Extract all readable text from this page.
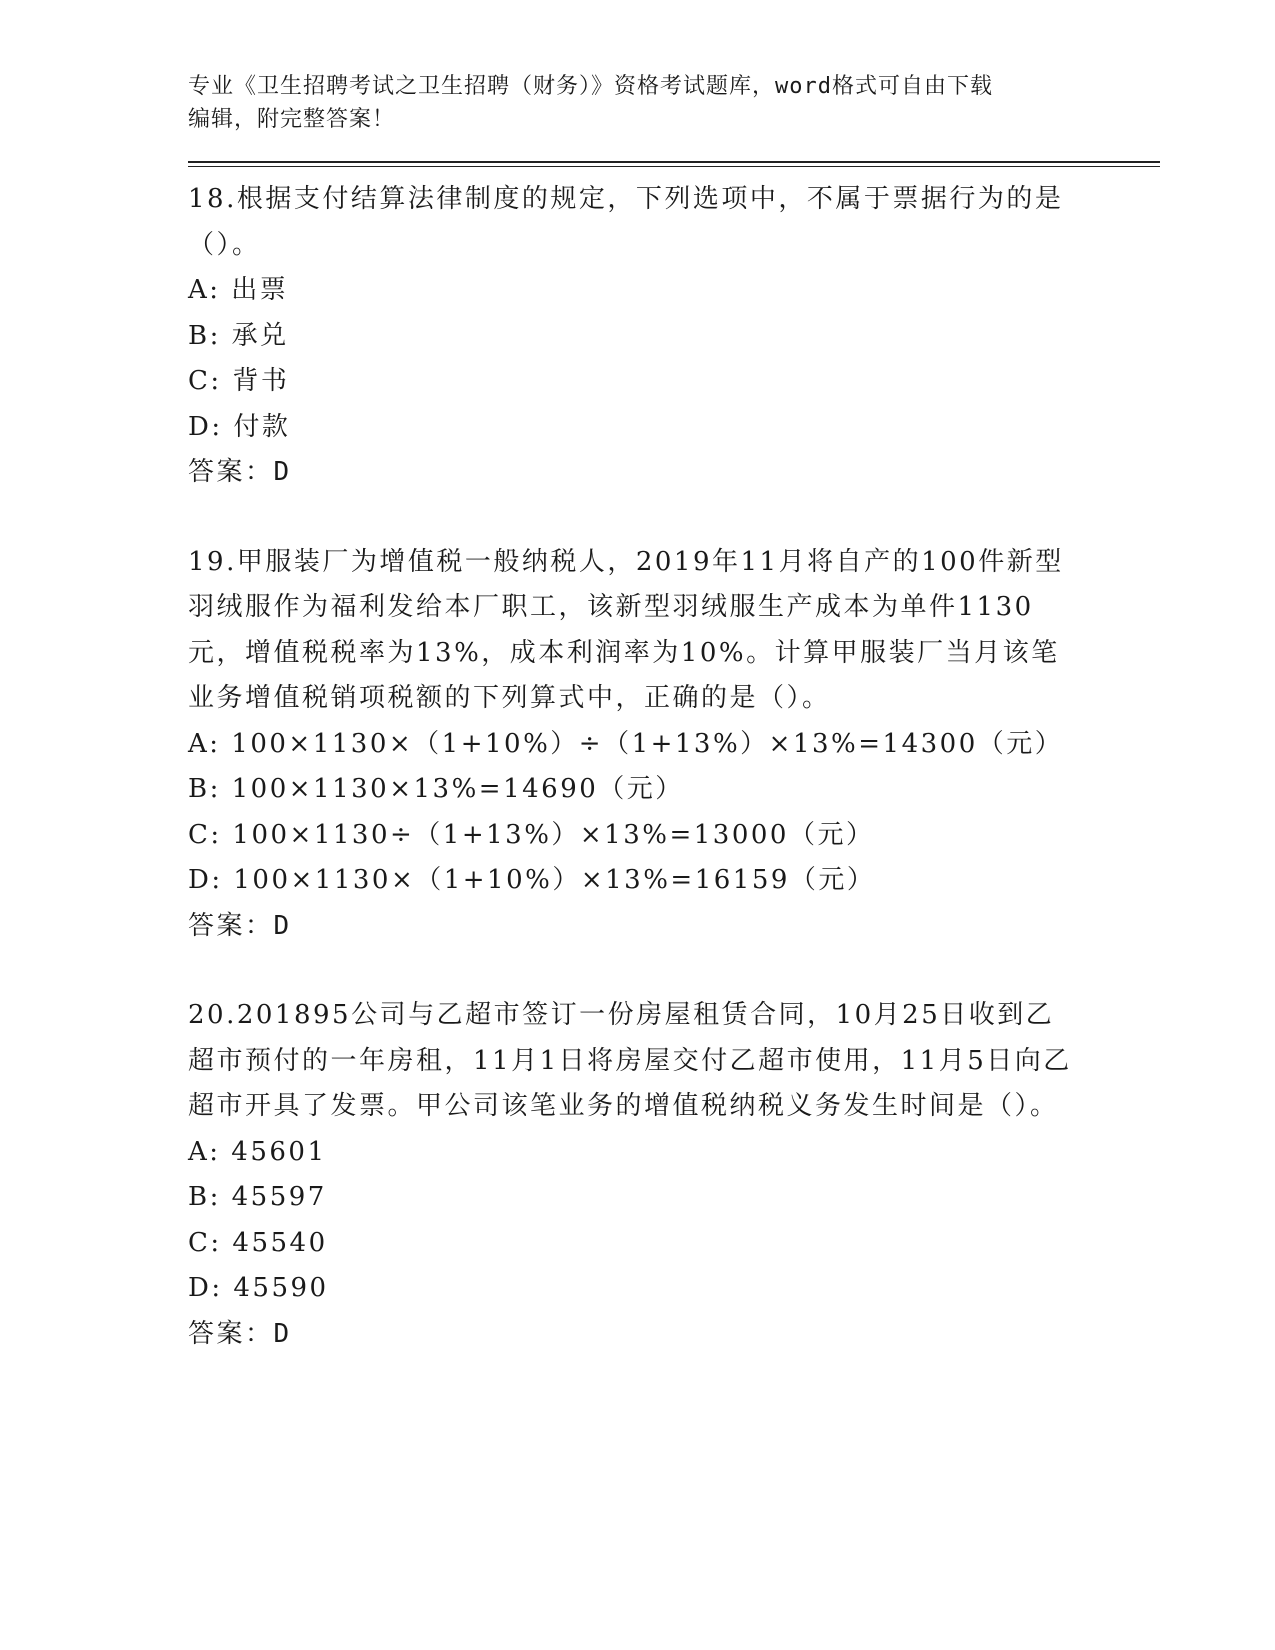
专业《卫生招聘考试之卫生招聘（财务）》资格考试题库，word格式可自由下载
编辑，附完整答案！
18.根据支付结算法律制度的规定，下列选项中，不属于票据行为的是（）。
A: 出票
B: 承兑
C: 背书
D: 付款
答案：D
19.甲服装厂为增值税一般纳税人，2019年11月将自产的100件新型羽绒服作为福利发给本厂职工，该新型羽绒服生产成本为单件1130元，增值税税率为13%，成本利润率为10%。计算甲服装厂当月该笔业务增值税销项税额的下列算式中，正确的是（）。
A: 100×1130×（1+10%）÷（1+13%）×13%=14300（元）
B: 100×1130×13%=14690（元）
C: 100×1130÷（1+13%）×13%=13000（元）
D: 100×1130×（1+10%）×13%=16159（元）
答案：D
20.201895公司与乙超市签订一份房屋租赁合同，10月25日收到乙超市预付的一年房租，11月1日将房屋交付乙超市使用，11月5日向乙超市开具了发票。甲公司该笔业务的增值税纳税义务发生时间是（）。
A: 45601
B: 45597
C: 45540
D: 45590
答案：D
